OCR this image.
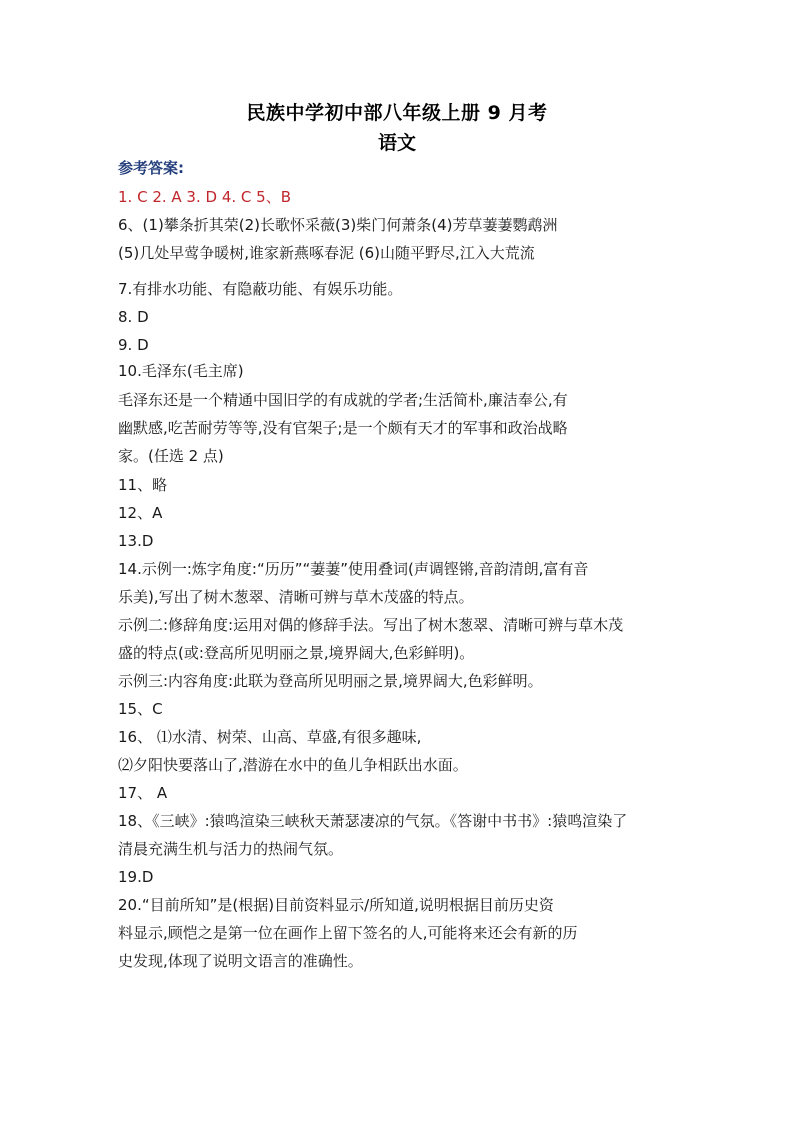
民族中学初中部八年级上册 9 月考
语文
参考答案:
1. C 2. A 3. D 4. C 5、B
6、(1)攀条折其荣(2)长歌怀采薇(3)柴门何萧条(4)芳草萋萋鹦鹉洲
(5)几处早莺争暖树,谁家新燕啄春泥 (6)山随平野尽,江入大荒流
7.有排水功能、有隐蔽功能、有娱乐功能。
8. D
9. D
10.毛泽东(毛主席)
毛泽东还是一个精通中国旧学的有成就的学者;生活简朴,廉洁奉公,有
幽默感,吃苦耐劳等等,没有官架子;是一个颇有天才的军事和政治战略
家。(任选 2 点)
11、略
12、A
13.D
14.示例一:炼字角度:“历历”“萋萋”使用叠词(声调铿锵,音韵清朗,富有音
乐美),写出了树木葱翠、清晰可辨与草木茂盛的特点。
示例二:修辞角度:运用对偶的修辞手法。写出了树木葱翠、清晰可辨与草木茂
盛的特点(或:登高所见明丽之景,境界阔大,色彩鲜明)。
示例三:内容角度:此联为登高所见明丽之景,境界阔大,色彩鲜明。
15、C
16、 ⑴水清、树荣、山高、草盛,有很多趣味,
⑵夕阳快要落山了,潜游在水中的鱼儿争相跃出水面。
17、 A
18、《三峡》:猿鸣渲染三峡秋天萧瑟凄凉的气氛。《答谢中书书》:猿鸣渲染了
清晨充满生机与活力的热闹气氛。
19.D
20.“目前所知”是(根据)目前资料显示/所知道,说明根据目前历史资
料显示,顾恺之是第一位在画作上留下签名的人,可能将来还会有新的历
史发现,体现了说明文语言的准确性。
